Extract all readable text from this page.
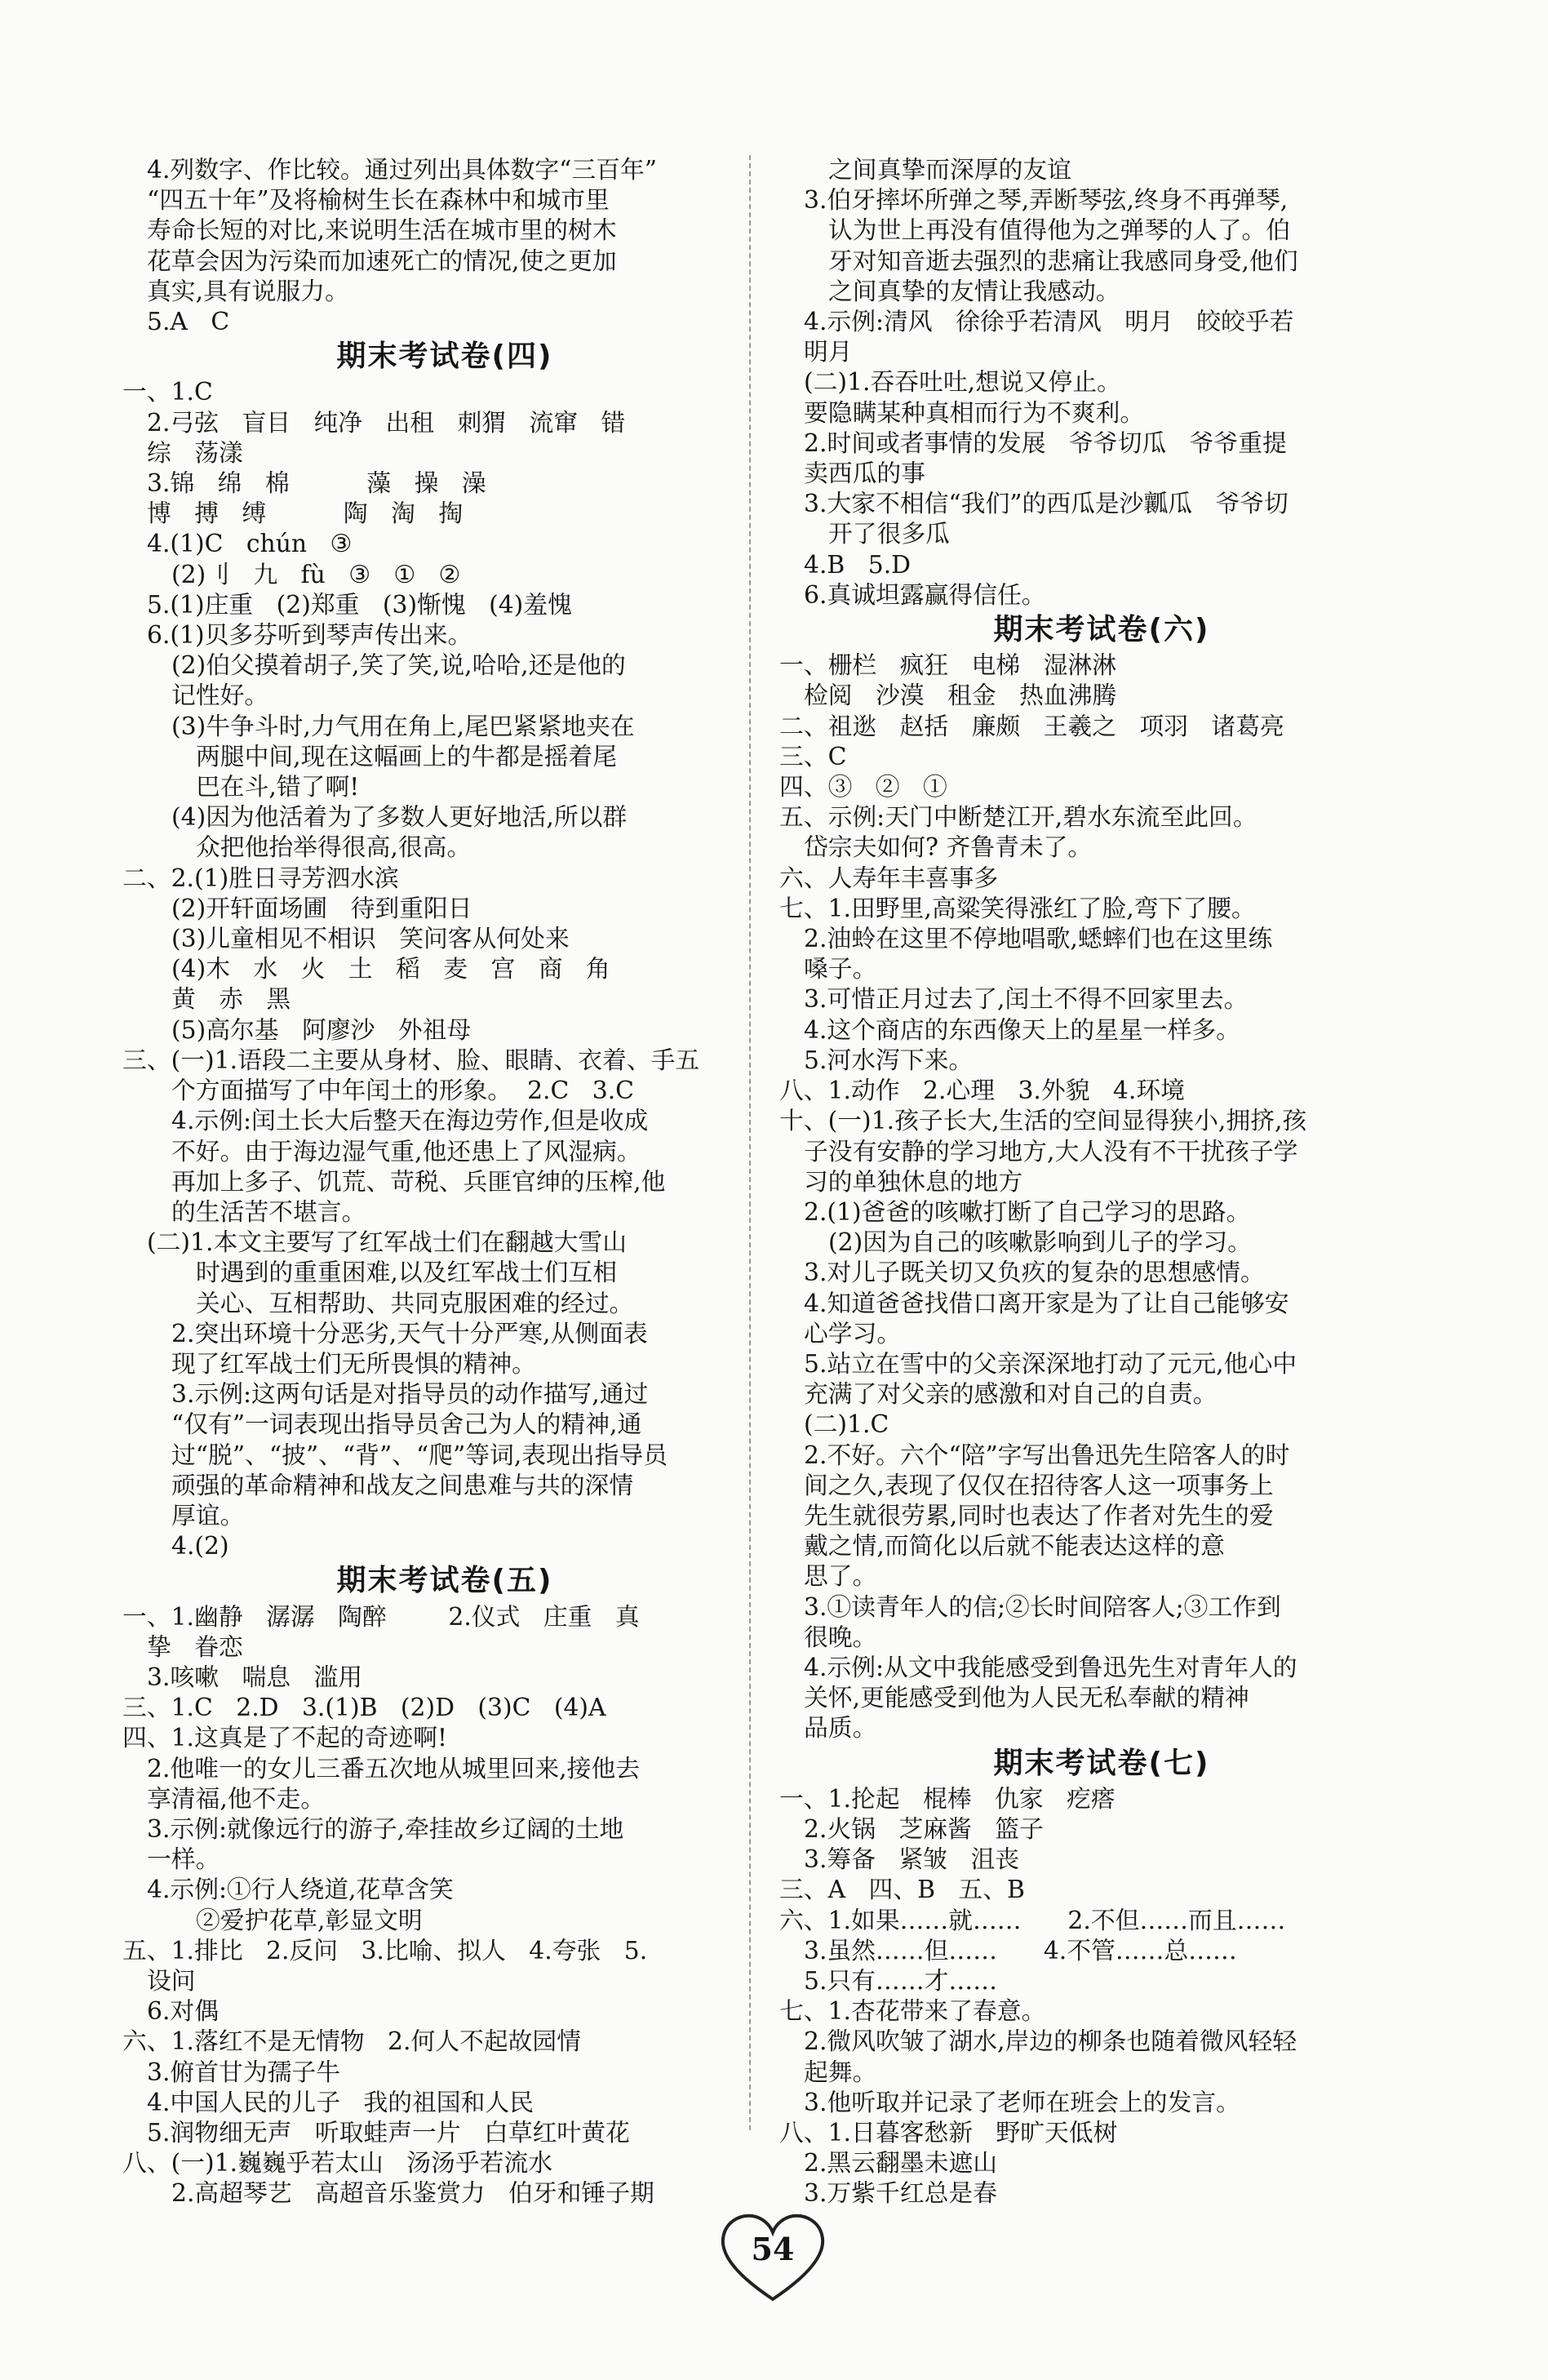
4.列数字、作比较。通过列出具体数字“三百年”
“四五十年”及将榆树生长在森林中和城市里
寿命长短的对比,来说明生活在城市里的树木
花草会因为污染而加速死亡的情况,使之更加
真实,具有说服力。
5.A   C
期末考试卷(四)
一、1.C
2.弓弦   盲目   纯净   出租   刺猬   流窜   错
综   荡漾
3.锦   绵   棉          藻   操   澡
博   搏   缚          陶   淘   掏
4.(1)C   chún   ③
(2)刂   九   fù   ③   ①   ②
5.(1)庄重   (2)郑重   (3)惭愧   (4)羞愧
6.(1)贝多芬听到琴声传出来。
(2)伯父摸着胡子,笑了笑,说,哈哈,还是他的
记性好。
(3)牛争斗时,力气用在角上,尾巴紧紧地夹在
两腿中间,现在这幅画上的牛都是摇着尾
巴在斗,错了啊!
(4)因为他活着为了多数人更好地活,所以群
众把他抬举得很高,很高。
二、2.(1)胜日寻芳泗水滨
(2)开轩面场圃   待到重阳日
(3)儿童相见不相识   笑问客从何处来
(4)木   水   火   土   稻   麦   宫   商   角
黄   赤   黑
(5)高尔基   阿廖沙   外祖母
三、(一)1.语段二主要从身材、脸、眼睛、衣着、手五
个方面描写了中年闰土的形象。  2.C   3.C
4.示例:闰土长大后整天在海边劳作,但是收成
不好。由于海边湿气重,他还患上了风湿病。
再加上多子、饥荒、苛税、兵匪官绅的压榨,他
的生活苦不堪言。
(二)1.本文主要写了红军战士们在翻越大雪山
时遇到的重重困难,以及红军战士们互相
关心、互相帮助、共同克服困难的经过。
2.突出环境十分恶劣,天气十分严寒,从侧面表
现了红军战士们无所畏惧的精神。
3.示例:这两句话是对指导员的动作描写,通过
“仅有”一词表现出指导员舍己为人的精神,通
过“脱”、“披”、“背”、“爬”等词,表现出指导员
顽强的革命精神和战友之间患难与共的深情
厚谊。
4.(2)
期末考试卷(五)
一、1.幽静   潺潺   陶醉        2.仪式   庄重   真
挚   眷恋
3.咳嗽   喘息   滥用
三、1.C   2.D   3.(1)B   (2)D   (3)C   (4)A
四、1.这真是了不起的奇迹啊!
2.他唯一的女儿三番五次地从城里回来,接他去
享清福,他不走。
3.示例:就像远行的游子,牵挂故乡辽阔的土地
一样。
4.示例:①行人绕道,花草含笑
②爱护花草,彰显文明
五、1.排比   2.反问   3.比喻、拟人   4.夸张   5.
设问
6.对偶
六、1.落红不是无情物   2.何人不起故园情
3.俯首甘为孺子牛
4.中国人民的儿子   我的祖国和人民
5.润物细无声   听取蛙声一片   白草红叶黄花
八、(一)1.巍巍乎若太山   汤汤乎若流水
2.高超琴艺   高超音乐鉴赏力   伯牙和锤子期
之间真挚而深厚的友谊
3.伯牙摔坏所弹之琴,弄断琴弦,终身不再弹琴,
认为世上再没有值得他为之弹琴的人了。伯
牙对知音逝去强烈的悲痛让我感同身受,他们
之间真挚的友情让我感动。
4.示例:清风   徐徐乎若清风   明月   皎皎乎若
明月
(二)1.吞吞吐吐,想说又停止。
要隐瞒某种真相而行为不爽利。
2.时间或者事情的发展   爷爷切瓜   爷爷重提
卖西瓜的事
3.大家不相信“我们”的西瓜是沙瓤瓜   爷爷切
开了很多瓜
4.B   5.D
6.真诚坦露赢得信任。
期末考试卷(六)
一、栅栏   疯狂   电梯   湿淋淋
检阅   沙漠   租金   热血沸腾
二、祖逖   赵括   廉颇   王羲之   项羽   诸葛亮
三、C
四、③   ②   ①
五、示例:天门中断楚江开,碧水东流至此回。
岱宗夫如何? 齐鲁青未了。
六、人寿年丰喜事多
七、1.田野里,高粱笑得涨红了脸,弯下了腰。
2.油蛉在这里不停地唱歌,蟋蟀们也在这里练
嗓子。
3.可惜正月过去了,闰土不得不回家里去。
4.这个商店的东西像天上的星星一样多。
5.河水泻下来。
八、1.动作   2.心理   3.外貌   4.环境
十、(一)1.孩子长大,生活的空间显得狭小,拥挤,孩
子没有安静的学习地方,大人没有不干扰孩子学
习的单独休息的地方
2.(1)爸爸的咳嗽打断了自己学习的思路。
(2)因为自己的咳嗽影响到儿子的学习。
3.对儿子既关切又负疚的复杂的思想感情。
4.知道爸爸找借口离开家是为了让自己能够安
心学习。
5.站立在雪中的父亲深深地打动了元元,他心中
充满了对父亲的感激和对自己的自责。
(二)1.C
2.不好。六个“陪”字写出鲁迅先生陪客人的时
间之久,表现了仅仅在招待客人这一项事务上
先生就很劳累,同时也表达了作者对先生的爱
戴之情,而简化以后就不能表达这样的意
思了。
3.①读青年人的信;②长时间陪客人;③工作到
很晚。
4.示例:从文中我能感受到鲁迅先生对青年人的
关怀,更能感受到他为人民无私奉献的精神
品质。
期末考试卷(七)
一、1.抡起   棍棒   仇家   疙瘩
2.火锅   芝麻酱   篮子
3.筹备   紧皱   沮丧
三、A   四、B   五、B
六、1.如果……就……      2.不但……而且……
3.虽然……但……      4.不管……总……
5.只有……才……
七、1.杏花带来了春意。
2.微风吹皱了湖水,岸边的柳条也随着微风轻轻
起舞。
3.他听取并记录了老师在班会上的发言。
八、1.日暮客愁新   野旷天低树
2.黑云翻墨未遮山
3.万紫千红总是春
54
